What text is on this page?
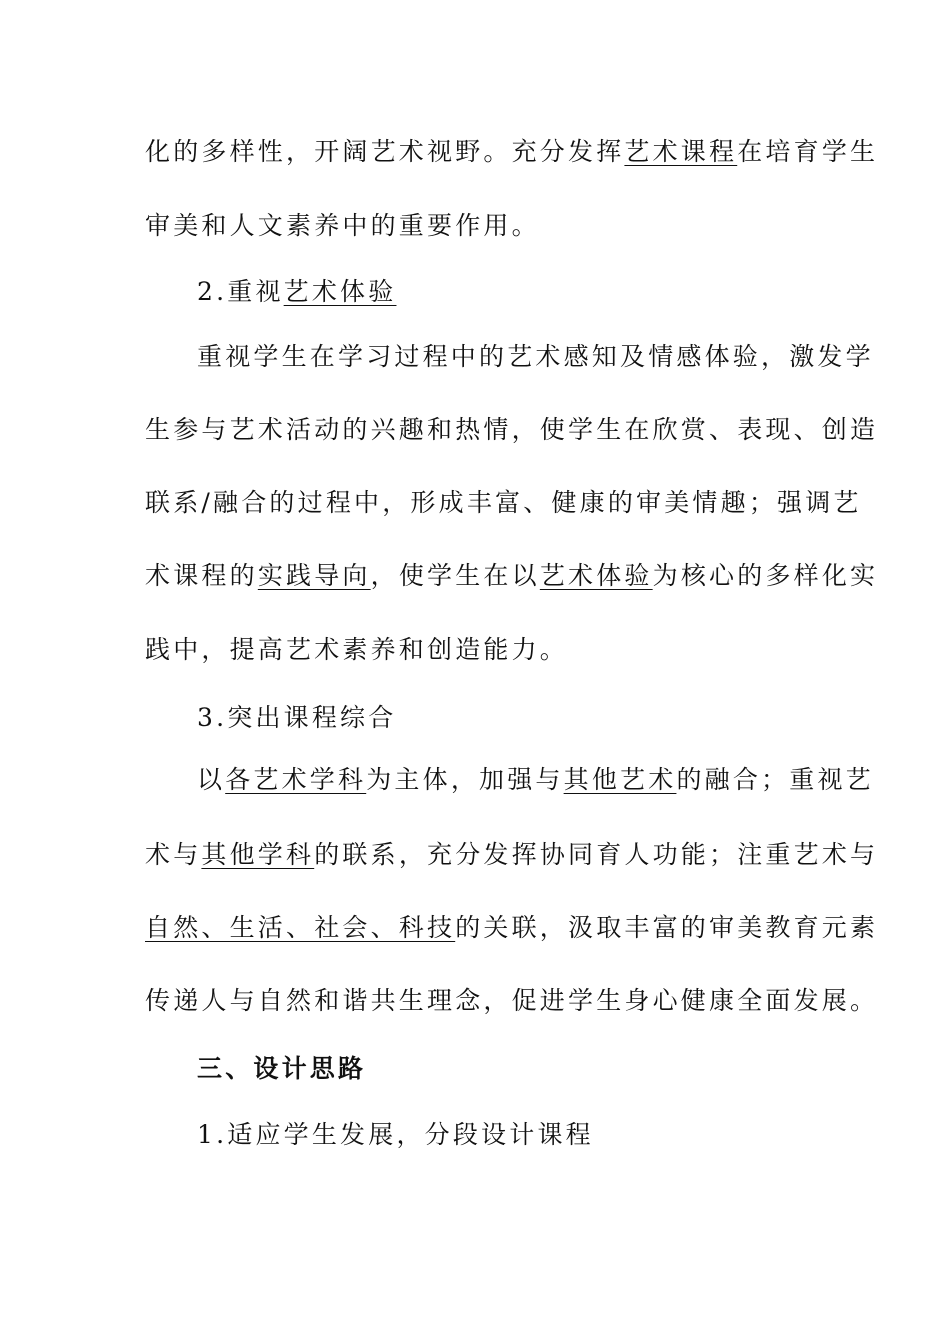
化的多样性，开阔艺术视野。充分发挥艺术课程在培育学生
审美和人文素养中的重要作用。
2.重视艺术体验
重视学生在学习过程中的艺术感知及情感体验，激发学
生参与艺术活动的兴趣和热情，使学生在欣赏、表现、创造
联系/融合的过程中，形成丰富、健康的审美情趣；强调艺
术课程的实践导向，使学生在以艺术体验为核心的多样化实
践中，提高艺术素养和创造能力。
3.突出课程综合
以各艺术学科为主体，加强与其他艺术的融合；重视艺
术与其他学科的联系，充分发挥协同育人功能；注重艺术与
自然、生活、社会、科技的关联，汲取丰富的审美教育元素
传递人与自然和谐共生理念，促进学生身心健康全面发展。
三、设计思路
1.适应学生发展，分段设计课程
